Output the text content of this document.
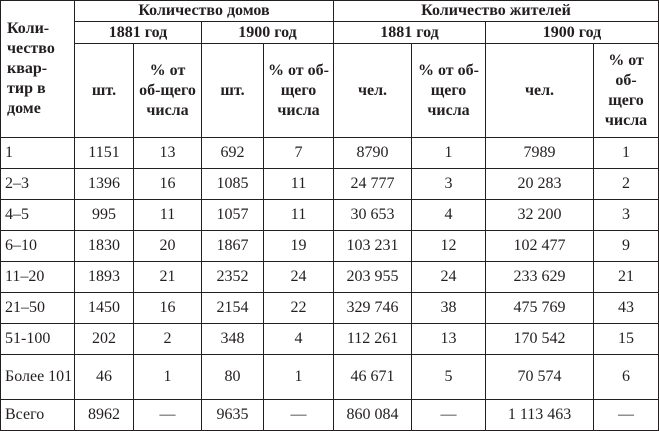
Коли-чество квар-тир в доме	Количество домов				Количество жителей			
	1881 год		1900 год		1881 год		1900 год	
	шт.	% от об-щего числа	шт.	% от об-щего числа	чел.	% от об-щего числа	чел.	% от об-щего числа
1	1151	13	692	7	8790	1	7989	1
2–3	1396	16	1085	11	24 777	3	20 283	2
4–5	995	11	1057	11	30 653	4	32 200	3
6–10	1830	20	1867	19	103 231	12	102 477	9
11–20	1893	21	2352	24	203 955	24	233 629	21
21–50	1450	16	2154	22	329 746	38	475 769	43
51-100	202	2	348	4	112 261	13	170 542	15
Более 101	46	1	80	1	46 671	5	70 574	6
Всего	8962	—	9635	—	860 084	—	1 113 463	—
